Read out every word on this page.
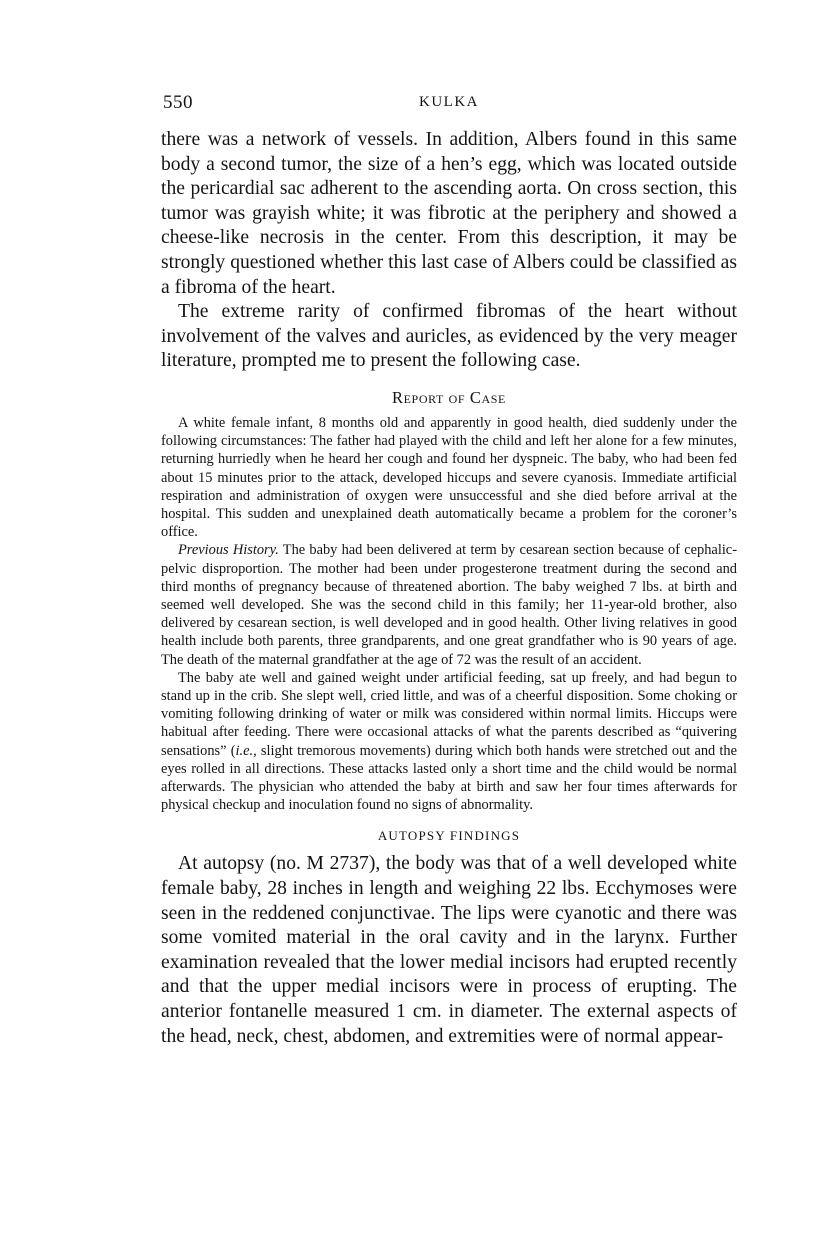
550	KULKA

there was a network of vessels. In addition, Albers found in this same body a second tumor, the size of a hen’s egg, which was located outside the pericardial sac adherent to the ascending aorta. On cross section, this tumor was grayish white; it was fibrotic at the periphery and showed a cheese-like necrosis in the center. From this description, it may be strongly questioned whether this last case of Albers could be classified as a fibroma of the heart.

The extreme rarity of confirmed fibromas of the heart without involvement of the valves and auricles, as evidenced by the very meager literature, prompted me to present the following case.

Report of Case

A white female infant, 8 months old and apparently in good health, died suddenly under the following circumstances: The father had played with the child and left her alone for a few minutes, returning hurriedly when he heard her cough and found her dyspneic. The baby, who had been fed about 15 minutes prior to the attack, developed hiccups and severe cyanosis. Immediate artificial respiration and administration of oxygen were unsuccessful and she died before arrival at the hospital. This sudden and unexplained death automatically became a problem for the coroner’s office.

Previous History. The baby had been delivered at term by cesarean section because of cephalic-pelvic disproportion. The mother had been under progesterone treatment during the second and third months of pregnancy because of threatened abortion. The baby weighed 7 lbs. at birth and seemed well developed. She was the second child in this family; her 11-year-old brother, also delivered by cesarean section, is well developed and in good health. Other living relatives in good health include both parents, three grandparents, and one great grandfather who is 90 years of age. The death of the maternal grandfather at the age of 72 was the result of an accident.

The baby ate well and gained weight under artificial feeding, sat up freely, and had begun to stand up in the crib. She slept well, cried little, and was of a cheerful disposition. Some choking or vomiting following drinking of water or milk was considered within normal limits. Hiccups were habitual after feeding. There were occasional attacks of what the parents described as “quivering sensations” (i.e., slight tremorous movements) during which both hands were stretched out and the eyes rolled in all directions. These attacks lasted only a short time and the child would be normal afterwards. The physician who attended the baby at birth and saw her four times afterwards for physical checkup and inoculation found no signs of abnormality.

AUTOPSY FINDINGS

At autopsy (no. M 2737), the body was that of a well developed white female baby, 28 inches in length and weighing 22 lbs. Ecchymoses were seen in the reddened conjunctivae. The lips were cyanotic and there was some vomited material in the oral cavity and in the larynx. Further examination revealed that the lower medial incisors had erupted recently and that the upper medial incisors were in process of erupting. The anterior fontanelle measured 1 cm. in diameter. The external aspects of the head, neck, chest, abdomen, and extremities were of normal appear-
